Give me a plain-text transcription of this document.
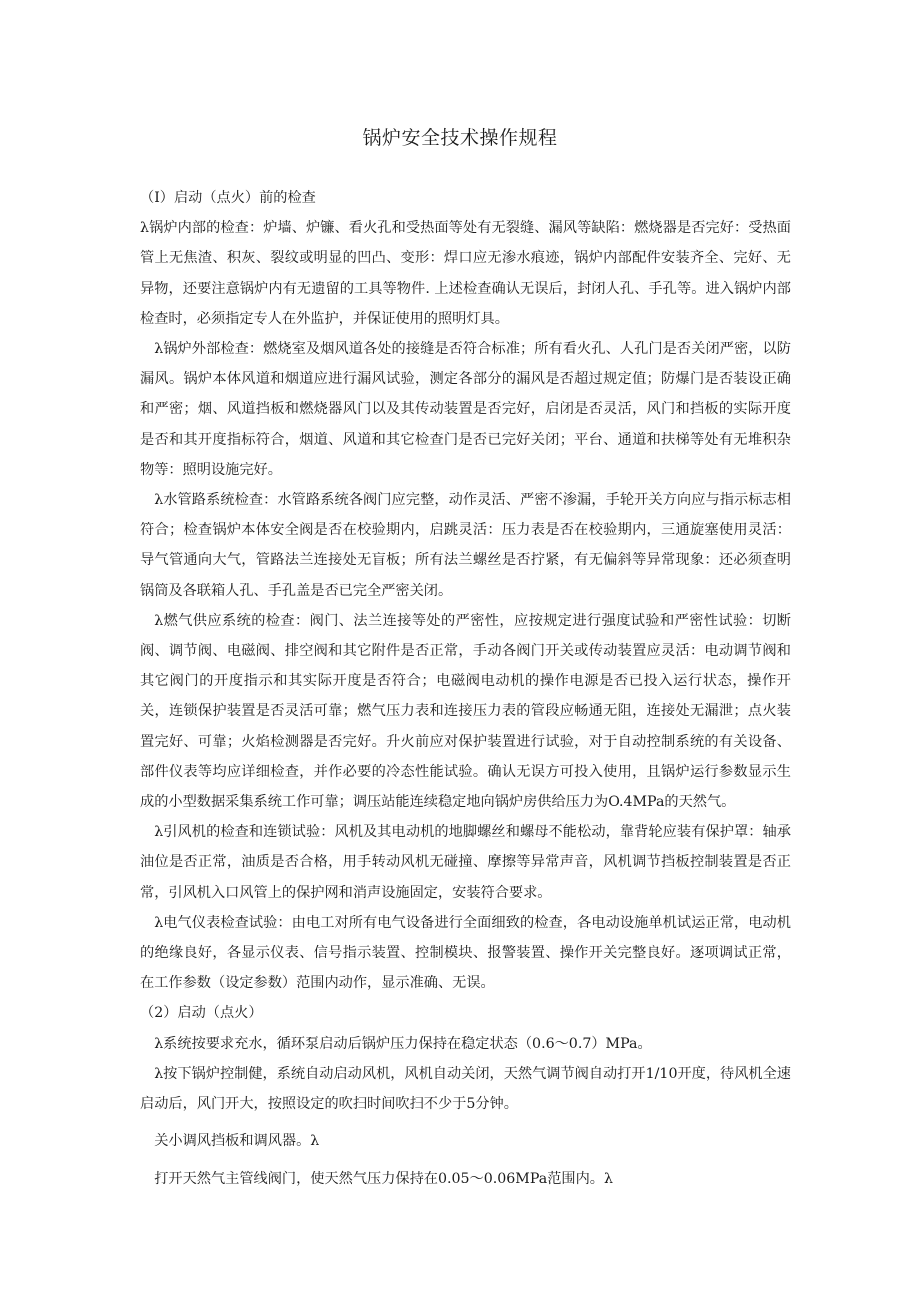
锅炉安全技术操作规程

（I）启动（点火）前的检查

λ锅炉内部的检查：炉墙、炉镰、看火孔和受热面等处有无裂缝、漏风等缺陷：燃烧器是否完好：受热面管上无焦渣、积灰、裂纹或明显的凹凸、变形：焊口应无渗水痕迹，锅炉内部配件安装齐全、完好、无异物，还要注意锅炉内有无遗留的工具等物件. 上述检查确认无误后，封闭人孔、手孔等。进入锅炉内部检查时，必须指定专人在外监护，并保证使用的照明灯具。

λ锅炉外部检查：燃烧室及烟风道各处的接缝是否符合标准；所有看火孔、人孔门是否关闭严密，以防漏风。锅炉本体风道和烟道应进行漏风试验，测定各部分的漏风是否超过规定值；防爆门是否装设正确和严密；烟、风道挡板和燃烧器风门以及其传动装置是否完好，启闭是否灵活，风门和挡板的实际开度是否和其开度指标符合，烟道、风道和其它检查门是否已完好关闭；平台、通道和扶梯等处有无堆积杂物等：照明设施完好。

λ水管路系统检查：水管路系统各阀门应完整，动作灵活、严密不渗漏，手轮开关方向应与指示标志相符合；检查锅炉本体安全阀是否在校验期内，启跳灵活：压力表是否在校验期内，三通旋塞使用灵活：导气管通向大气，管路法兰连接处无盲板；所有法兰螺丝是否拧紧，有无偏斜等异常现象：还必须查明锅筒及各联箱人孔、手孔盖是否已完全严密关闭。

λ燃气供应系统的检查：阀门、法兰连接等处的严密性，应按规定进行强度试验和严密性试验：切断阀、调节阀、电磁阀、排空阀和其它附件是否正常，手动各阀门开关或传动装置应灵活：电动调节阀和其它阀门的开度指示和其实际开度是否符合；电磁阀电动机的操作电源是否已投入运行状态，操作开关，连锁保护装置是否灵活可靠；燃气压力表和连接压力表的管段应畅通无阻，连接处无漏泄；点火装置完好、可靠；火焰检测器是否完好。升火前应对保护装置进行试验，对于自动控制系统的有关设备、部件仪表等均应详细检查，并作必要的冷态性能试验。确认无误方可投入使用，且锅炉运行参数显示生成的小型数据采集系统工作可靠；调压站能连续稳定地向锅炉房供给压力为O.4MPa的天然气。

λ引风机的检查和连锁试验：风机及其电动机的地脚螺丝和螺母不能松动，靠背轮应装有保护罩：轴承油位是否正常，油质是否合格，用手转动风机无碰撞、摩擦等异常声音，风机调节挡板控制装置是否正常，引风机入口风管上的保护网和消声设施固定，安装符合要求。

λ电气仪表检查试验：由电工对所有电气设备进行全面细致的检查，各电动设施单机试运正常，电动机的绝缘良好，各显示仪表、信号指示装置、控制模块、报警装置、操作开关完整良好。逐项调试正常，在工作参数（设定参数）范围内动作，显示准确、无误。

（2）启动（点火）

λ系统按要求充水，循环泵启动后锅炉压力保持在稳定状态（0.6～0.7）MPa。

λ按下锅炉控制健，系统自动启动风机，风机自动关闭，天然气调节阀自动打开1/10开度，待风机全速启动后，风门开大，按照设定的吹扫时间吹扫不少于5分钟。

关小调风挡板和调风器。λ

打开天然气主管线阀门，使天然气压力保持在0.05～0.06MPa范围内。λ
